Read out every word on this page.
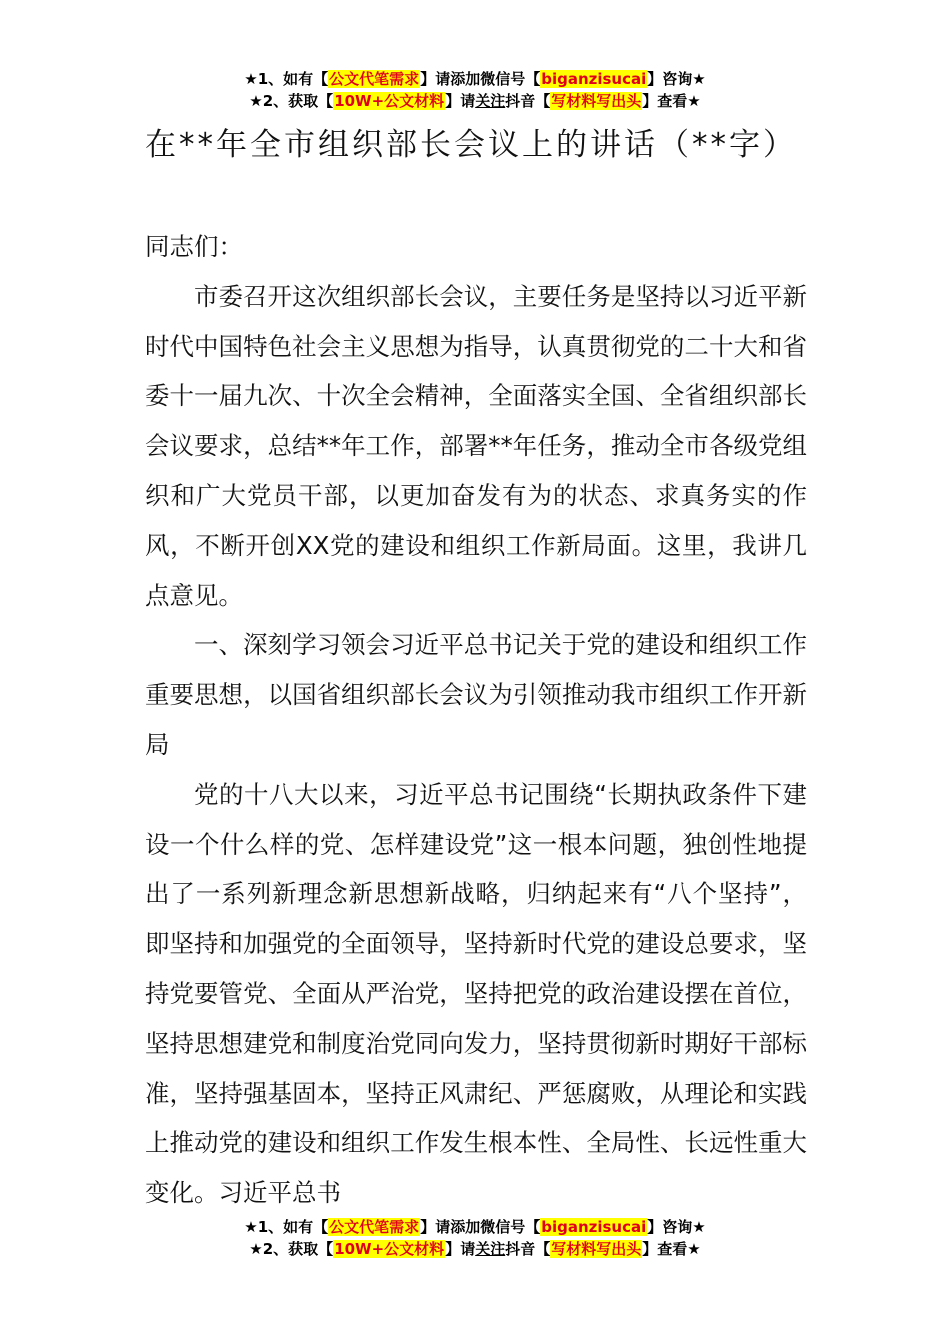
★1、如有【公文代笔需求】请添加微信号【biganzisucai】咨询★
★2、获取【10W+公文材料】请关注抖音【写材料写出头】查看★
在**年全市组织部长会议上的讲话（**字）

同志们：

市委召开这次组织部长会议，主要任务是坚持以习近平新时代中国特色社会主义思想为指导，认真贯彻党的二十大和省委十一届九次、十次全会精神，全面落实全国、全省组织部长会议要求，总结**年工作，部署**年任务，推动全市各级党组织和广大党员干部，以更加奋发有为的状态、求真务实的作风，不断开创XX党的建设和组织工作新局面。这里，我讲几点意见。

一、深刻学习领会习近平总书记关于党的建设和组织工作重要思想，以国省组织部长会议为引领推动我市组织工作开新局

党的十八大以来，习近平总书记围绕“长期执政条件下建设一个什么样的党、怎样建设党”这一根本问题，独创性地提出了一系列新理念新思想新战略，归纳起来有“八个坚持”，即坚持和加强党的全面领导，坚持新时代党的建设总要求，坚持党要管党、全面从严治党，坚持把党的政治建设摆在首位，坚持思想建党和制度治党同向发力，坚持贯彻新时期好干部标准，坚持强基固本，坚持正风肃纪、严惩腐败，从理论和实践上推动党的建设和组织工作发生根本性、全局性、长远性重大变化。习近平总书

★1、如有【公文代笔需求】请添加微信号【biganzisucai】咨询★
★2、获取【10W+公文材料】请关注抖音【写材料写出头】查看★
